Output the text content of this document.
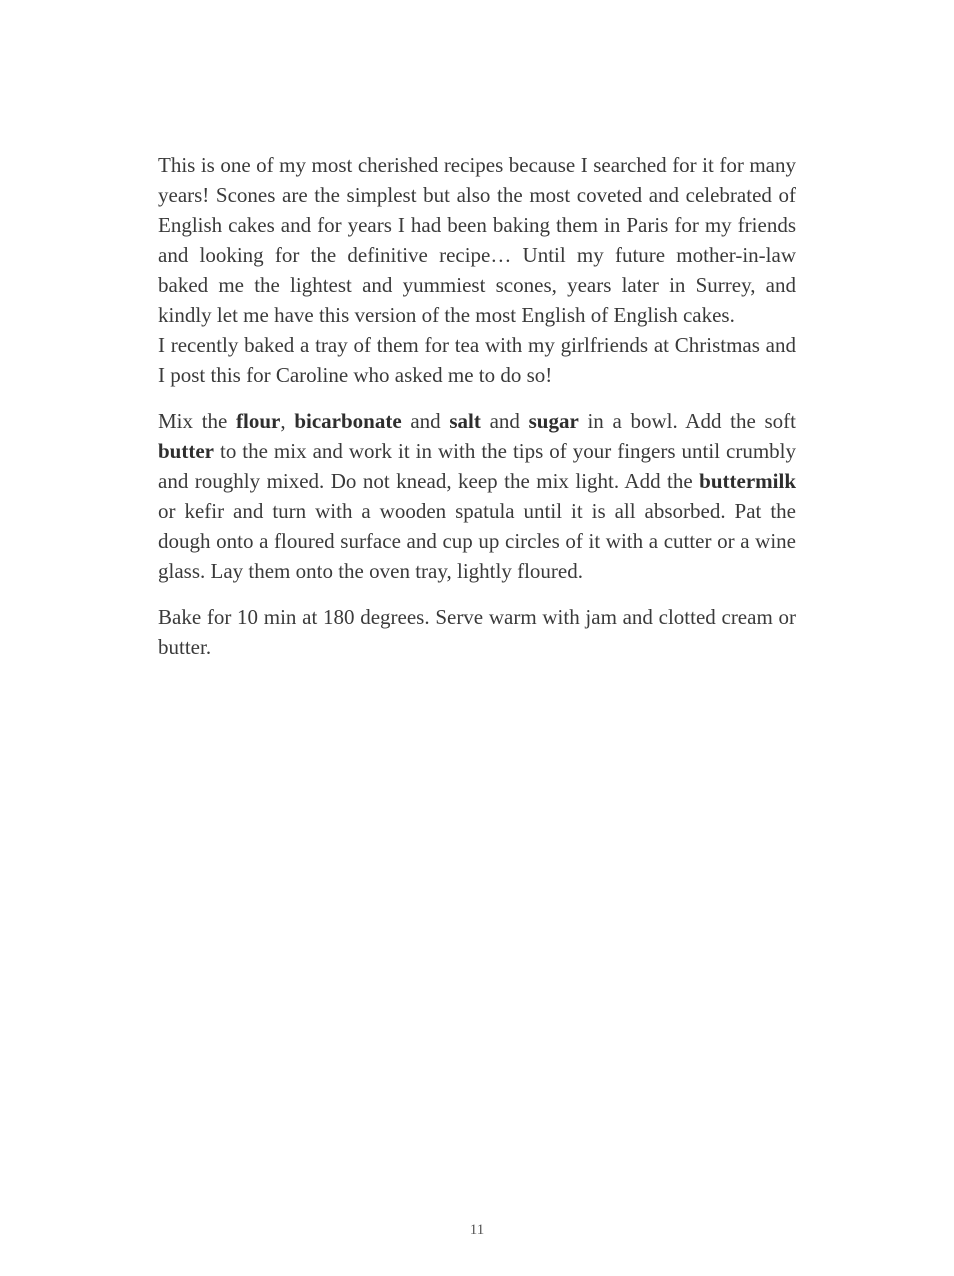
This is one of my most cherished recipes because I searched for it for many years! Scones are the simplest but also the most coveted and celebrated of English cakes and for years I had been baking them in Paris for my friends and looking for the definitive recipe… Until my future mother-in-law baked me the lightest and yummiest scones, years later in Surrey, and kindly let me have this version of the most English of English cakes.

I recently baked a tray of them for tea with my girlfriends at Christmas and I post this for Caroline who asked me to do so!

Mix the flour, bicarbonate and salt and sugar in a bowl. Add the soft butter to the mix and work it in with the tips of your fingers until crumbly and roughly mixed. Do not knead, keep the mix light. Add the buttermilk or kefir and turn with a wooden spatula until it is all absorbed. Pat the dough onto a floured surface and cup up circles of it with a cutter or a wine glass. Lay them onto the oven tray, lightly floured.

Bake for 10 min at 180 degrees. Serve warm with jam and clotted cream or butter.

11
